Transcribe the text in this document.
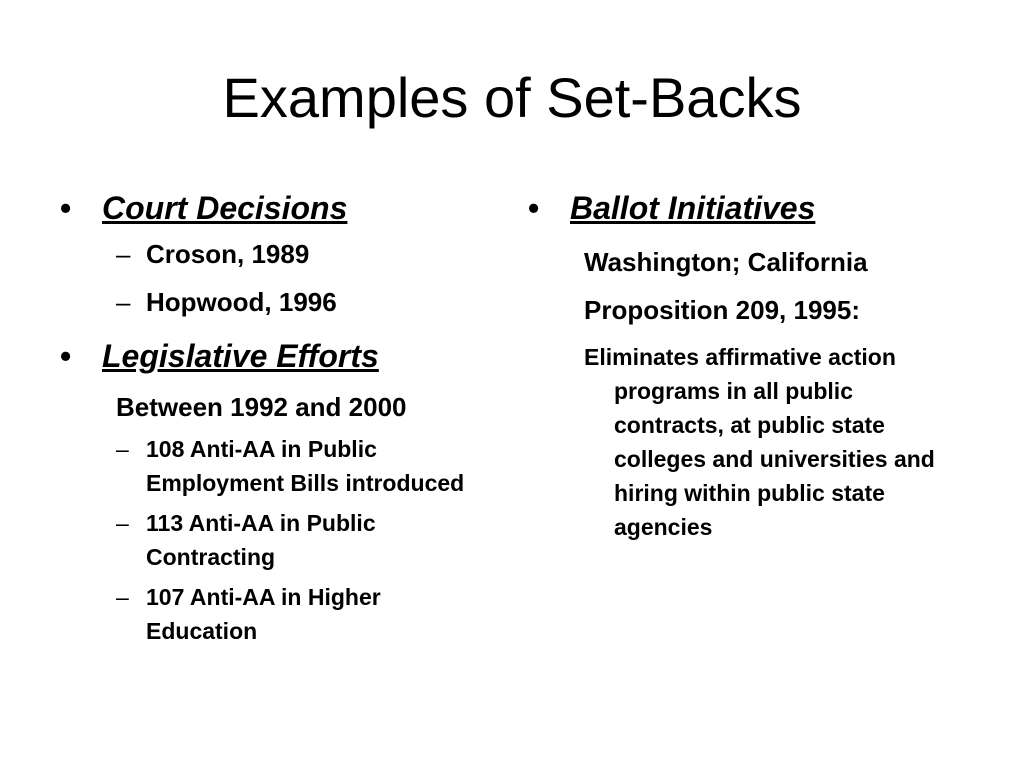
Examples of Set-Backs
• Court Decisions
– Croson, 1989
– Hopwood, 1996
• Legislative Efforts
Between 1992 and 2000
– 108 Anti-AA in Public Employment Bills introduced
– 113 Anti-AA in Public Contracting
– 107 Anti-AA in Higher Education
• Ballot Initiatives
Washington; California
Proposition 209, 1995:
Eliminates affirmative action programs in all public contracts, at public state colleges and universities and hiring within public state agencies
